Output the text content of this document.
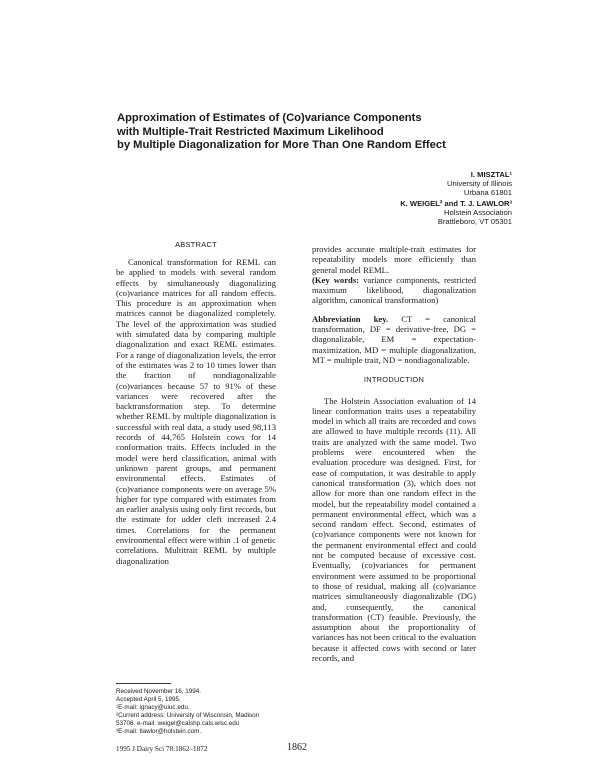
Approximation of Estimates of (Co)variance Components
with Multiple-Trait Restricted Maximum Likelihood
by Multiple Diagonalization for More Than One Random Effect
I. MISZTAL¹
University of Illinois
Urbana 61801
K. WEIGEL² and T. J. LAWLOR³
Holstein Association
Brattleboro, VT 05301
ABSTRACT

Canonical transformation for REML can be applied to models with several random effects by simultaneously diagonalizing (co)variance matrices for all random effects. This procedure is an approximation when matrices cannot be diagonalized completely. The level of the approximation was studied with simulated data by comparing multiple diagonalization and exact REML estimates. For a range of diagonalization levels, the error of the estimates was 2 to 10 times lower than the fraction of nondiagonalizable (co)variances because 57 to 91% of these variances were recovered after the backtransformation step. To determine whether REML by multiple diagonalization is successful with real data, a study used 98,113 records of 44,765 Holstein cows for 14 conformation traits. Effects included in the model were herd classification, animal with unknown parent groups, and permanent environmental effects. Estimates of (co)variance components were on average 5% higher for type compared with estimates from an earlier analysis using only first records, but the estimate for udder cleft increased 2.4 times. Correlations for the permanent environmental effect were within .1 of genetic correlations. Multitrait REML by multiple diagonalization

provides accurate multiple-trait estimates for repeatability models more efficiently than general model REML.

(Key words: variance components, restricted maximum likelihood, diagonalization algorithm, canonical transformation)

Abbreviation key. CT = canonical transformation, DF = derivative-free, DG = diagonalizable, EM = expectation-maximization, MD = multiple diagonalization, MT = multiple trait, ND = nondiagonalizable.

INTRODUCTION

The Holstein Association evaluation of 14 linear conformation traits uses a repeatability model in which all traits are recorded and cows are allowed to have multiple records (11). All traits are analyzed with the same model. Two problems were encountered when the evaluation procedure was designed. First, for ease of computation, it was desirable to apply canonical transformation (3), which does not allow for more than one random effect in the model, but the repeatability model contained a permanent environmental effect, which was a second random effect. Second, estimates of (co)variance components were not known for the permanent environmental effect and could not be computed because of excessive cost. Eventually, (co)variances for permanent environment were assumed to be proportional to those of residual, making all (co)variance matrices simultaneously diagonalizable (DG) and, consequently, the canonical transformation (CT) feasible. Previously, the assumption about the proportionality of variances has not been critical to the evaluation because it affected cows with second or later records, and

Received November 16, 1994.
Accepted April 5, 1995.
¹E-mail: ignacy@uiuc.edu.
²Current address: University of Wisconsin, Madison
53706. e-mail: weigel@calshp.cals.wisc.edu
³E-mail: tlawlor@holstein.com.
1995 J Dairy Sci 78:1862–1872	1862
